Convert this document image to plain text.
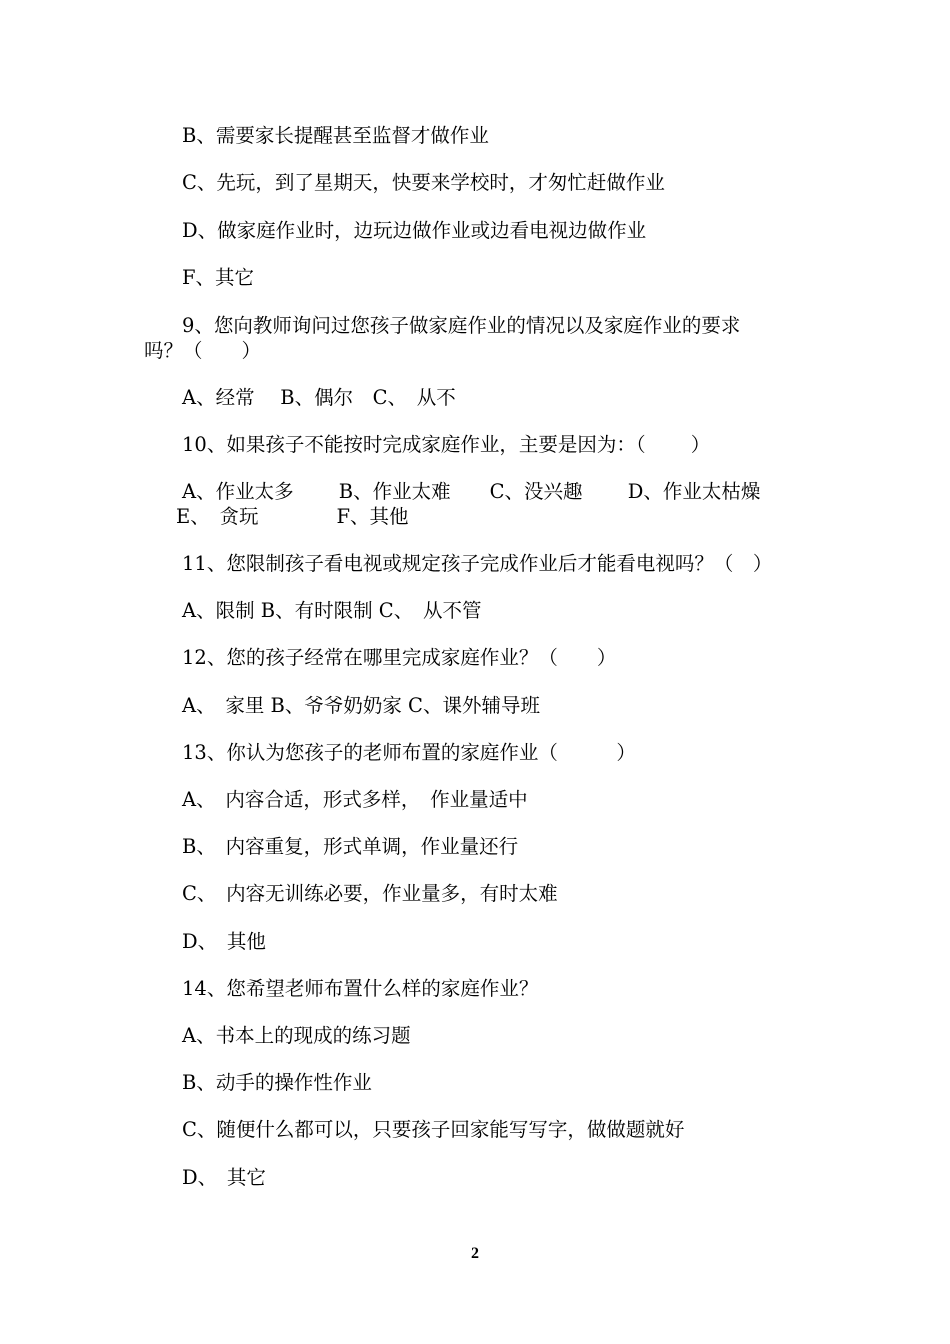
B、需要家长提醒甚至监督才做作业
C、先玩，到了星期天，快要来学校时，才匆忙赶做作业
D、做家庭作业时，边玩边做作业或边看电视边做作业
F、其它
9、您向教师询问过您孩子做家庭作业的情况以及家庭作业的要求
吗？（　　）
A、经常　 B、偶尔　C、　从不
10、如果孩子不能按时完成家庭作业，主要是因为：（　　 ）
A、作业太多　　 B、作业太难　　C、没兴趣　　 D、作业太枯燥
E、　贪玩　　　　F、其他
11、您限制孩子看电视或规定孩子完成作业后才能看电视吗？（　）
A、限制 B、有时限制 C、　从不管
12、您的孩子经常在哪里完成家庭作业？（　　）
A、　家里 B、爷爷奶奶家 C、课外辅导班
13、你认为您孩子的老师布置的家庭作业（　　　）
A、　内容合适，形式多样，　作业量适中
B、　内容重复，形式单调，作业量还行
C、　内容无训练必要，作业量多，有时太难
D、　其他
14、您希望老师布置什么样的家庭作业？
A、书本上的现成的练习题
B、动手的操作性作业
C、随便什么都可以，只要孩子回家能写写字，做做题就好
D、　其它
2
